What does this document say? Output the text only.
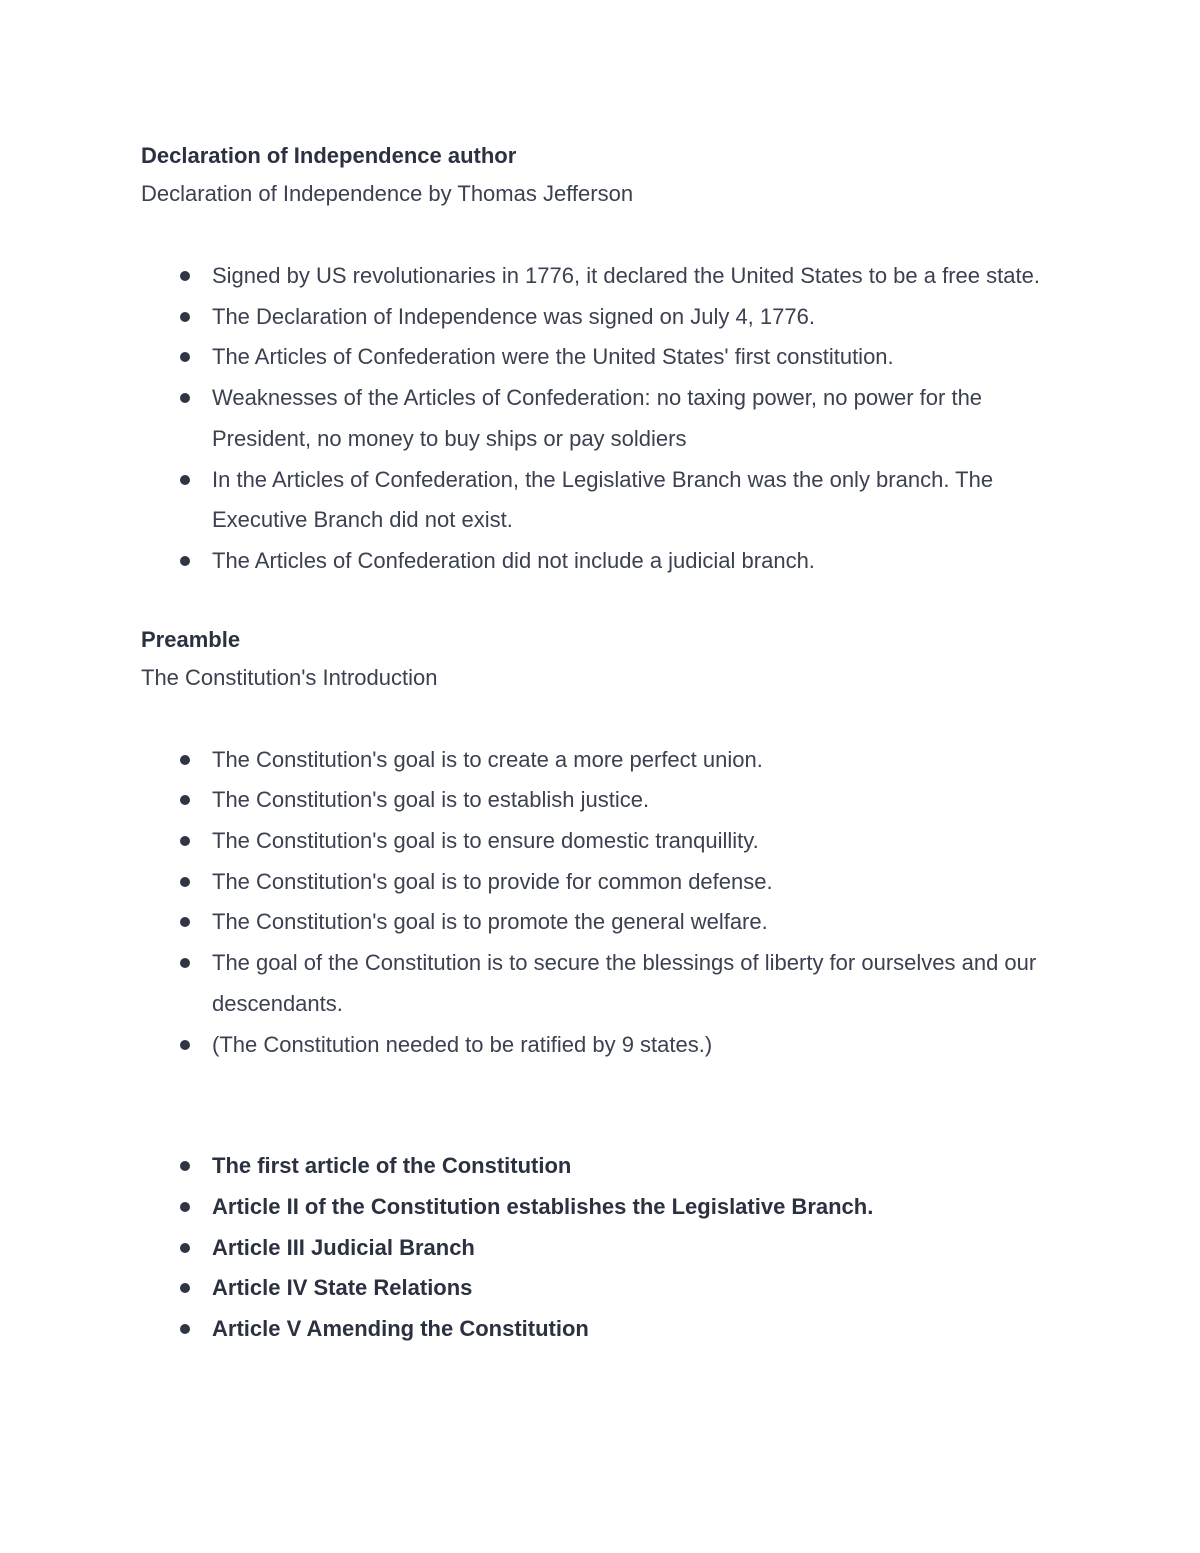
Declaration of Independence author
Declaration of Independence by Thomas Jefferson
Signed by US revolutionaries in 1776, it declared the United States to be a free state.
The Declaration of Independence was signed on July 4, 1776.
The Articles of Confederation were the United States' first constitution.
Weaknesses of the Articles of Confederation: no taxing power, no power for the President, no money to buy ships or pay soldiers
In the Articles of Confederation, the Legislative Branch was the only branch. The Executive Branch did not exist.
The Articles of Confederation did not include a judicial branch.
Preamble
The Constitution's Introduction
The Constitution's goal is to create a more perfect union.
The Constitution's goal is to establish justice.
The Constitution's goal is to ensure domestic tranquillity.
The Constitution's goal is to provide for common defense.
The Constitution's goal is to promote the general welfare.
The goal of the Constitution is to secure the blessings of liberty for ourselves and our descendants.
(The Constitution needed to be ratified by 9 states.)
The first article of the Constitution
Article II of the Constitution establishes the Legislative Branch.
Article III Judicial Branch
Article IV State Relations
Article V Amending the Constitution
